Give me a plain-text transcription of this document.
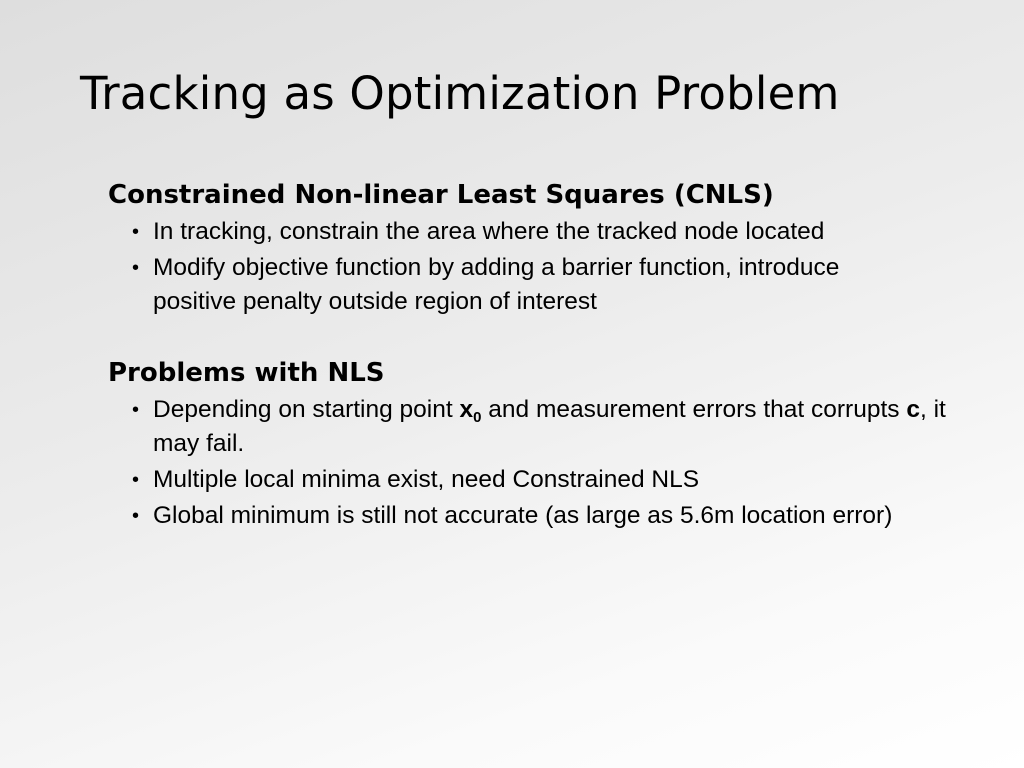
Tracking as Optimization Problem
Constrained Non-linear Least Squares (CNLS)
• In tracking, constrain the area where the tracked node located
• Modify objective function by adding a barrier function, introduce positive penalty outside region of interest
Problems with NLS
• Depending on starting point $x_0$ and measurement errors that corrupts c, it may fail.
• Multiple local minima exist, need Constrained NLS
• Global minimum is still not accurate (as large as 5.6m location error)
